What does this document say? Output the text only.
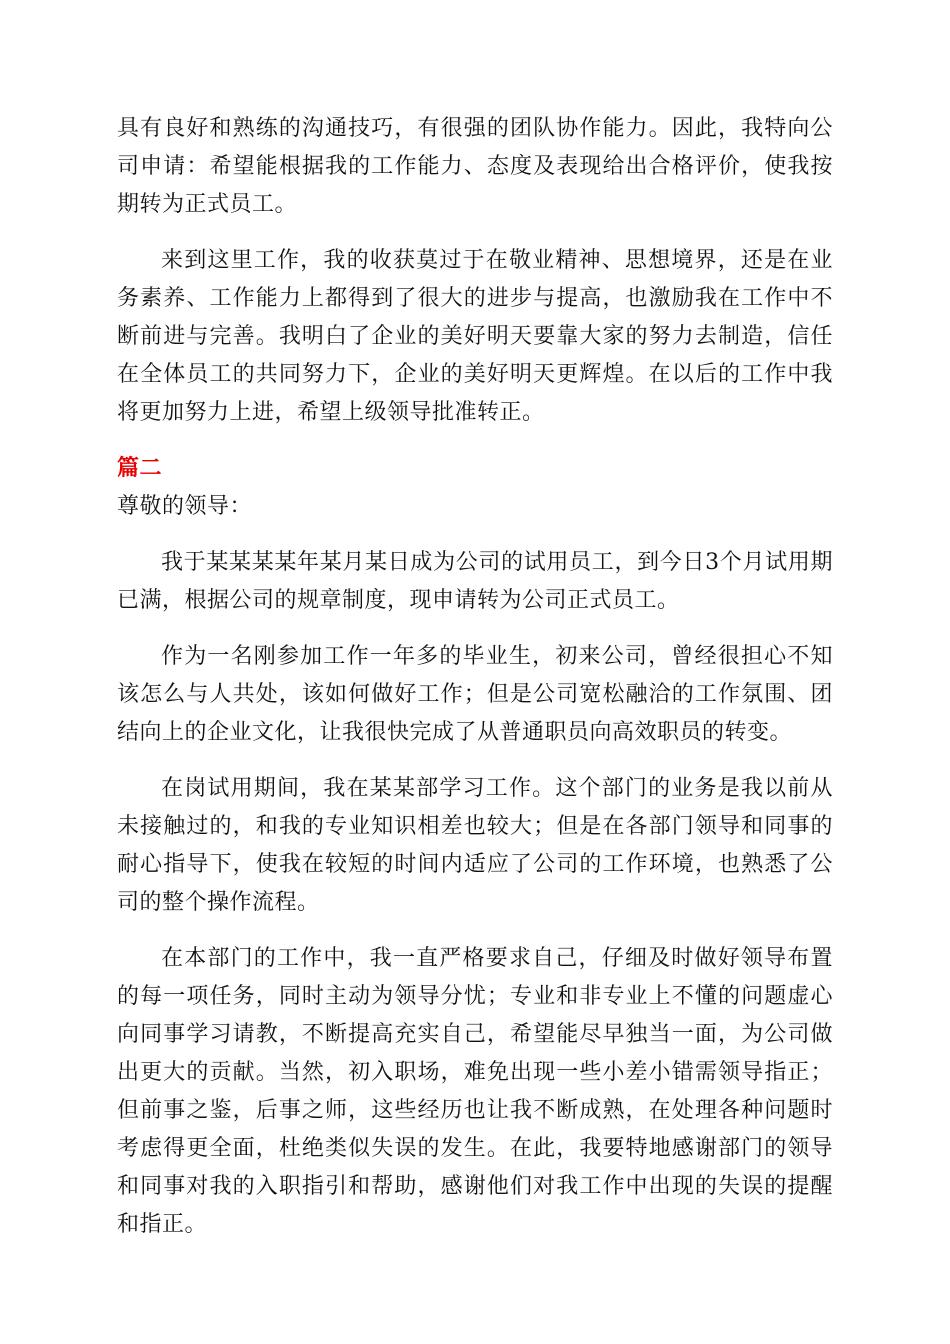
具有良好和熟练的沟通技巧，有很强的团队协作能力。因此，我特向公司申请：希望能根据我的工作能力、态度及表现给出合格评价，使我按期转为正式员工。

来到这里工作，我的收获莫过于在敬业精神、思想境界，还是在业务素养、工作能力上都得到了很大的进步与提高，也激励我在工作中不断前进与完善。我明白了企业的美好明天要靠大家的努力去制造，信任在全体员工的共同努力下，企业的美好明天更辉煌。在以后的工作中我将更加努力上进，希望上级领导批准转正。

篇二

尊敬的领导：

我于某某某某年某月某日成为公司的试用员工，到今日3个月试用期已满，根据公司的规章制度，现申请转为公司正式员工。

作为一名刚参加工作一年多的毕业生，初来公司，曾经很担心不知该怎么与人共处，该如何做好工作；但是公司宽松融洽的工作氛围、团结向上的企业文化，让我很快完成了从普通职员向高效职员的转变。

在岗试用期间，我在某某部学习工作。这个部门的业务是我以前从未接触过的，和我的专业知识相差也较大；但是在各部门领导和同事的耐心指导下，使我在较短的时间内适应了公司的工作环境，也熟悉了公司的整个操作流程。

在本部门的工作中，我一直严格要求自己，仔细及时做好领导布置的每一项任务，同时主动为领导分忧；专业和非专业上不懂的问题虚心向同事学习请教，不断提高充实自己，希望能尽早独当一面，为公司做出更大的贡献。当然，初入职场，难免出现一些小差小错需领导指正；但前事之鉴，后事之师，这些经历也让我不断成熟，在处理各种问题时考虑得更全面，杜绝类似失误的发生。在此，我要特地感谢部门的领导和同事对我的入职指引和帮助，感谢他们对我工作中出现的失误的提醒和指正。
